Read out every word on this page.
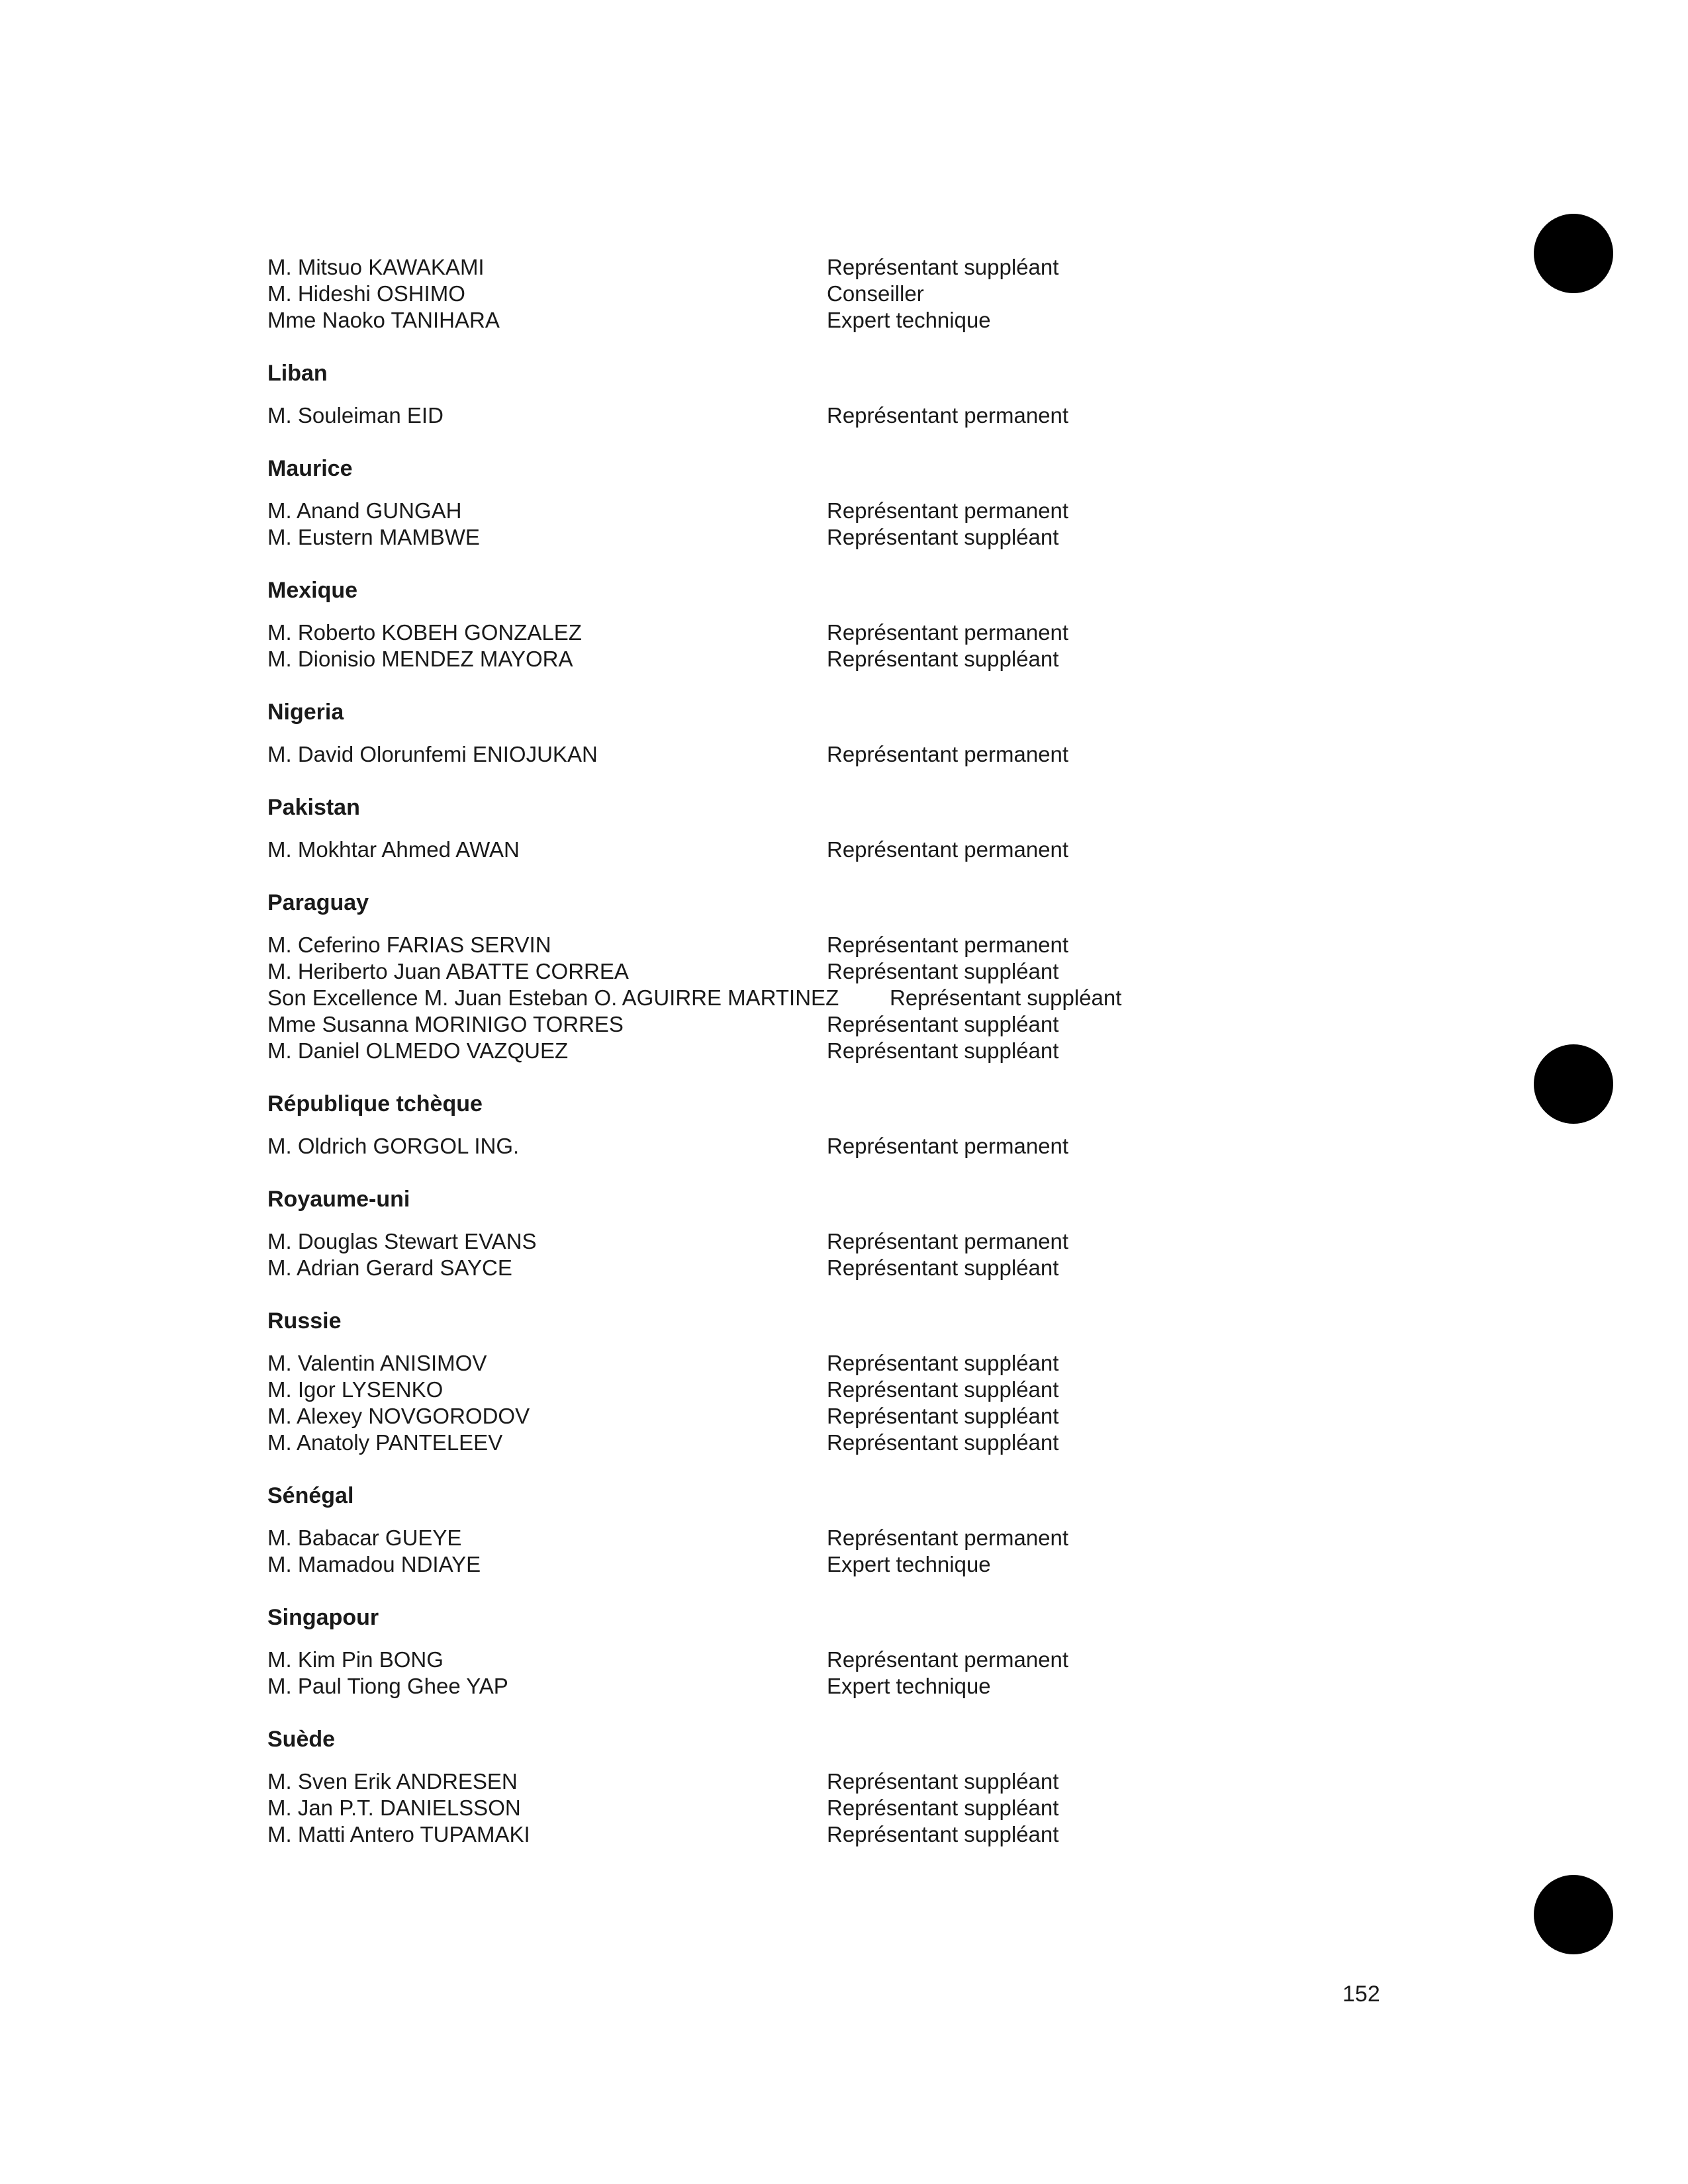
M. Mitsuo KAWAKAMI	Représentant suppléant
M. Hideshi OSHIMO	Conseiller
Mme Naoko TANIHARA	Expert technique
Liban
M. Souleiman EID	Représentant permanent
Maurice
M. Anand GUNGAH	Représentant permanent
M. Eustern MAMBWE	Représentant suppléant
Mexique
M. Roberto KOBEH GONZALEZ	Représentant permanent
M. Dionisio MENDEZ MAYORA	Représentant suppléant
Nigeria
M. David Olorunfemi ENIOJUKAN	Représentant permanent
Pakistan
M. Mokhtar Ahmed AWAN	Représentant permanent
Paraguay
M. Ceferino FARIAS SERVIN	Représentant permanent
M. Heriberto Juan ABATTE CORREA	Représentant suppléant
Son Excellence M. Juan Esteban O. AGUIRRE MARTINEZ Représentant suppléant
Mme Susanna MORINIGO TORRES	Représentant suppléant
M. Daniel OLMEDO VAZQUEZ	Représentant suppléant
République tchèque
M. Oldrich GORGOL ING.	Représentant permanent
Royaume-uni
M. Douglas Stewart EVANS	Représentant permanent
M. Adrian Gerard SAYCE	Représentant suppléant
Russie
M. Valentin ANISIMOV	Représentant suppléant
M. Igor LYSENKO	Représentant suppléant
M. Alexey NOVGORODOV	Représentant suppléant
M. Anatoly PANTELEEV	Représentant suppléant
Sénégal
M. Babacar GUEYE	Représentant permanent
M. Mamadou NDIAYE	Expert technique
Singapour
M. Kim Pin BONG	Représentant permanent
M. Paul Tiong Ghee YAP	Expert technique
Suède
M. Sven Erik ANDRESEN	Représentant suppléant
M. Jan P.T. DANIELSSON	Représentant suppléant
M. Matti Antero TUPAMAKI	Représentant suppléant
152
